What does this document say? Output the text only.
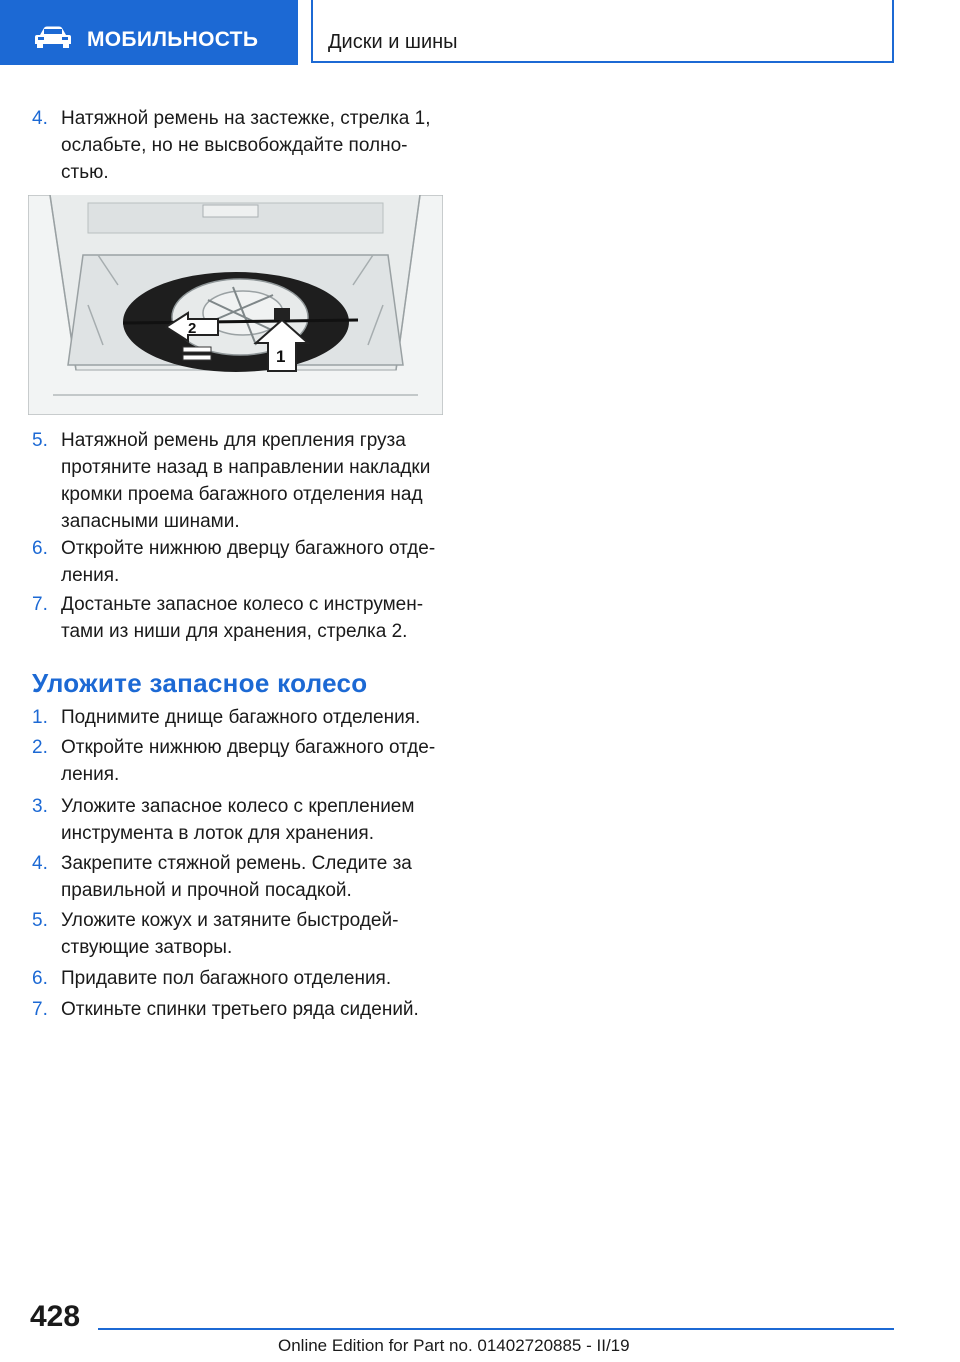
МОБИЛЬНОСТЬ	Диски и шины
4. Натяжной ремень на застежке, стрелка 1, ослабьте, но не высвобождайте полно-стью.
2
1
5. Натяжной ремень для крепления груза протяните назад в направлении накладки кромки проема багажного отделения над запасными шинами.
6. Откройте нижнюю дверцу багажного отде-ления.
7. Достаньте запасное колесо с инструмен-тами из ниши для хранения, стрелка 2.
Уложите запасное колесо
1. Поднимите днище багажного отделения.
2. Откройте нижнюю дверцу багажного отде-ления.
3. Уложите запасное колесо с креплением инструмента в лоток для хранения.
4. Закрепите стяжной ремень. Следите за правильной и прочной посадкой.
5. Уложите кожух и затяните быстродей-ствующие затворы.
6. Придавите пол багажного отделения.
7. Откиньте спинки третьего ряда сидений.
428
Online Edition for Part no. 01402720885 - II/19
